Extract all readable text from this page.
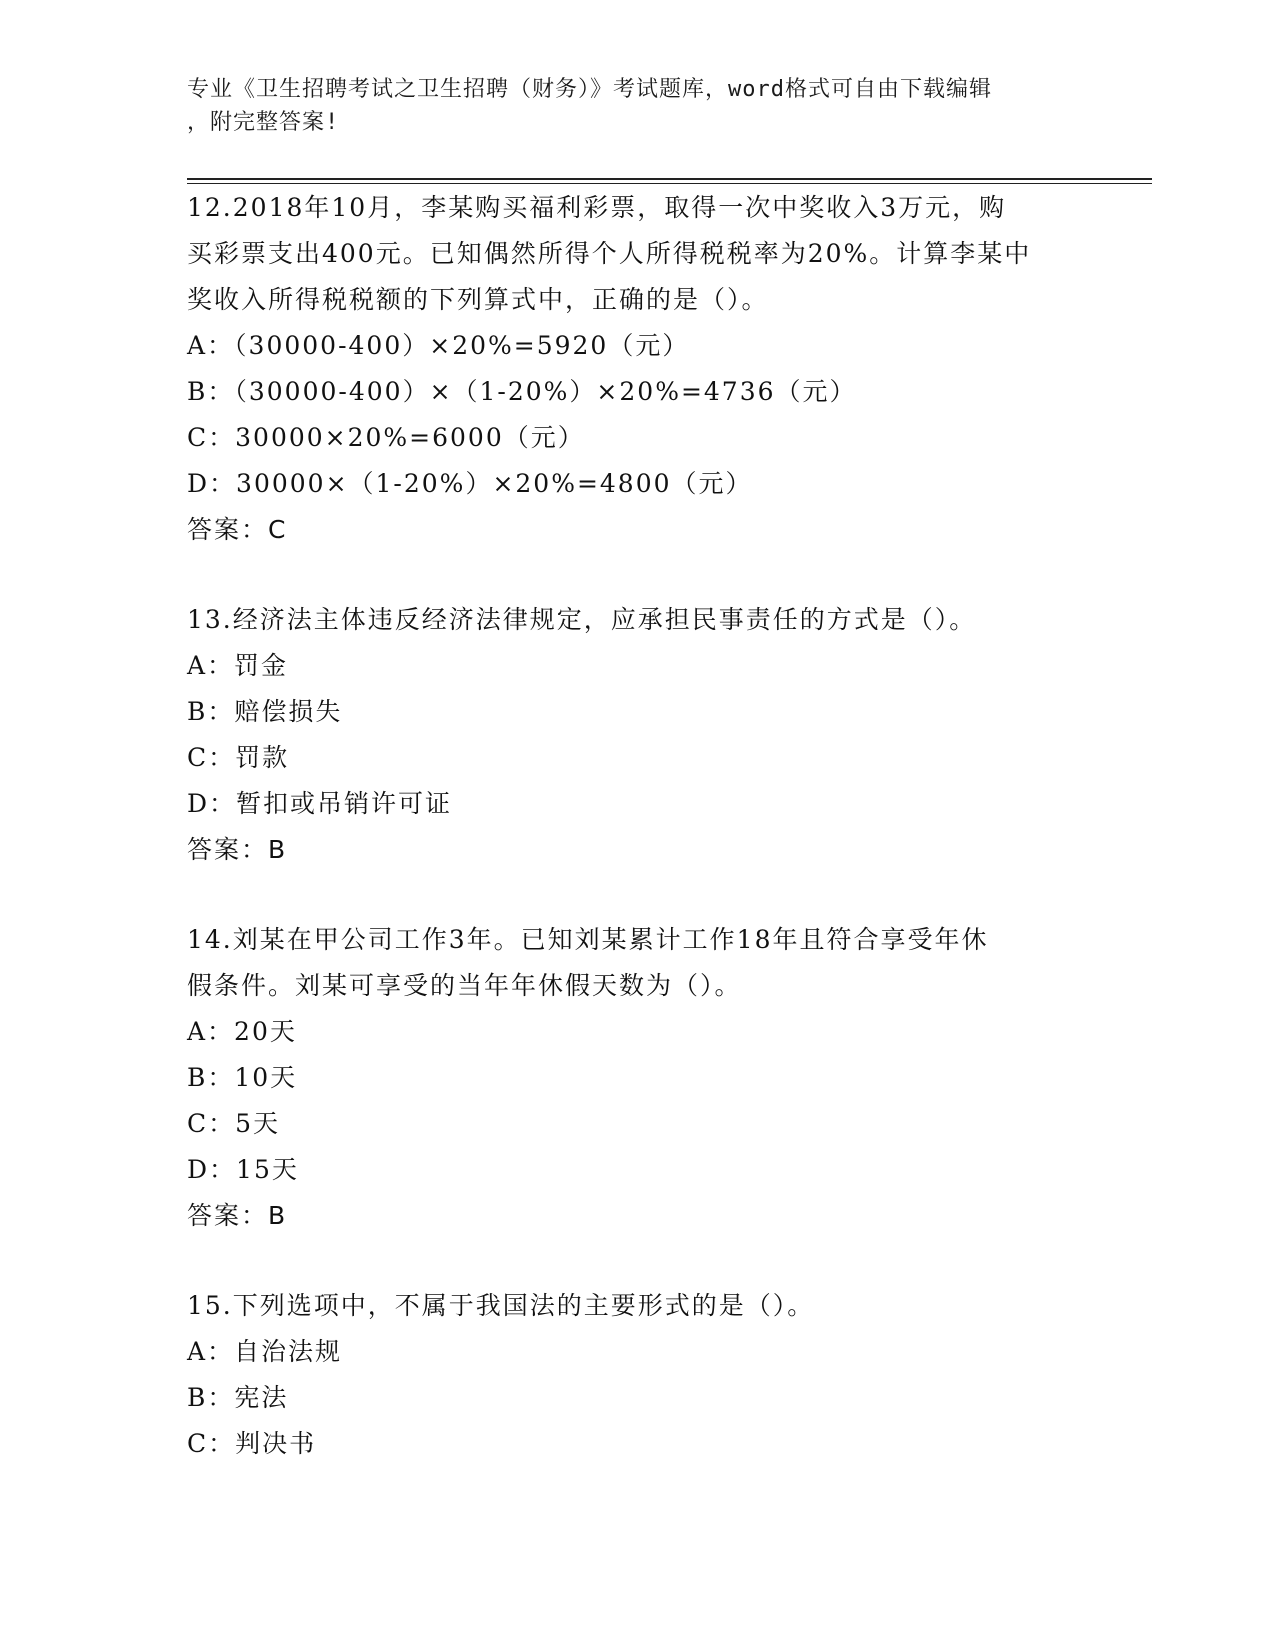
专业《卫生招聘考试之卫生招聘（财务）》考试题库，word格式可自由下载编辑
，附完整答案!

12.2018年10月，李某购买福利彩票，取得一次中奖收入3万元，购

买彩票支出400元。已知偶然所得个人所得税税率为20%。计算李某中

奖收入所得税税额的下列算式中，正确的是（）。

A：（30000-400）×20%=5920（元）

B：（30000-400）×（1-20%）×20%=4736（元）

C：30000×20%=6000（元）

D：30000×（1-20%）×20%=4800（元）

答案：C

13.经济法主体违反经济法律规定，应承担民事责任的方式是（）。

A：罚金

B：赔偿损失

C：罚款

D：暂扣或吊销许可证

答案：B

14.刘某在甲公司工作3年。已知刘某累计工作18年且符合享受年休

假条件。刘某可享受的当年年休假天数为（）。

A：20天

B：10天

C：5天

D：15天

答案：B

15.下列选项中，不属于我国法的主要形式的是（）。

A：自治法规

B：宪法

C：判决书
